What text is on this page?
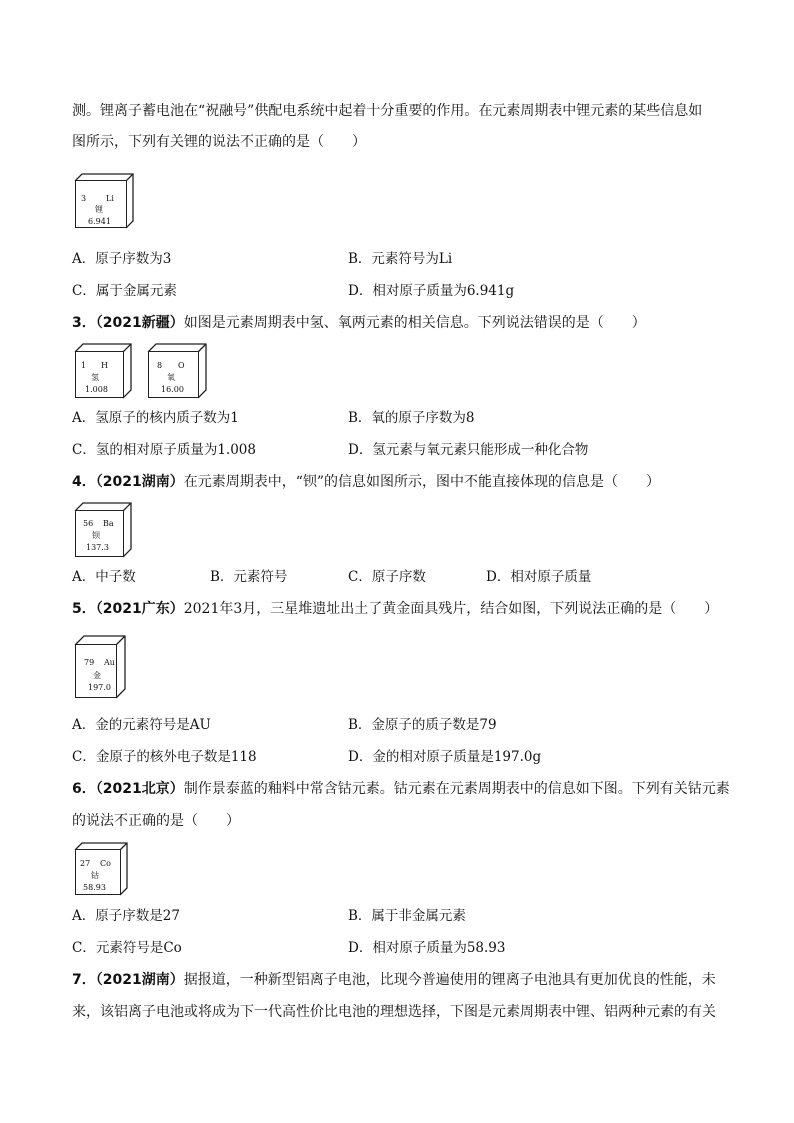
测。锂离子蓄电池在“祝融号”供配电系统中起着十分重要的作用。在元素周期表中锂元素的某些信息如
图所示，下列有关锂的说法不正确的是（　　）
3 Li
锂
6.941
A．原子序数为3	B．元素符号为Li
C．属于金属元素	D．相对原子质量为6.941g
3．（2021新疆）如图是元素周期表中氢、氧两元素的相关信息。下列说法错误的是（　　）
1 H
氢
1.008
8 O
氧
16.00
A．氢原子的核内质子数为1	B．氧的原子序数为8
C．氢的相对原子质量为1.008	D．氢元素与氧元素只能形成一种化合物
4．（2021湖南）在元素周期表中，“钡”的信息如图所示，图中不能直接体现的信息是（　　）
56 Ba
钡
137.3
A．中子数	B．元素符号	C．原子序数	D．相对原子质量
5．（2021广东）2021年3月，三星堆遗址出土了黄金面具残片，结合如图，下列说法正确的是（　　）
79 Au
金
197.0
A．金的元素符号是AU	B．金原子的质子数是79
C．金原子的核外电子数是118	D．金的相对原子质量是197.0g
6．（2021北京）制作景泰蓝的釉料中常含钴元素。钴元素在元素周期表中的信息如下图。下列有关钴元素
的说法不正确的是（　　）
27 Co
钴
58.93
A．原子序数是27	B．属于非金属元素
C．元素符号是Co	D．相对原子质量为58.93
7．（2021湖南）据报道，一种新型铝离子电池，比现今普遍使用的锂离子电池具有更加优良的性能，未
来，该铝离子电池或将成为下一代高性价比电池的理想选择，下图是元素周期表中锂、铝两种元素的有关
